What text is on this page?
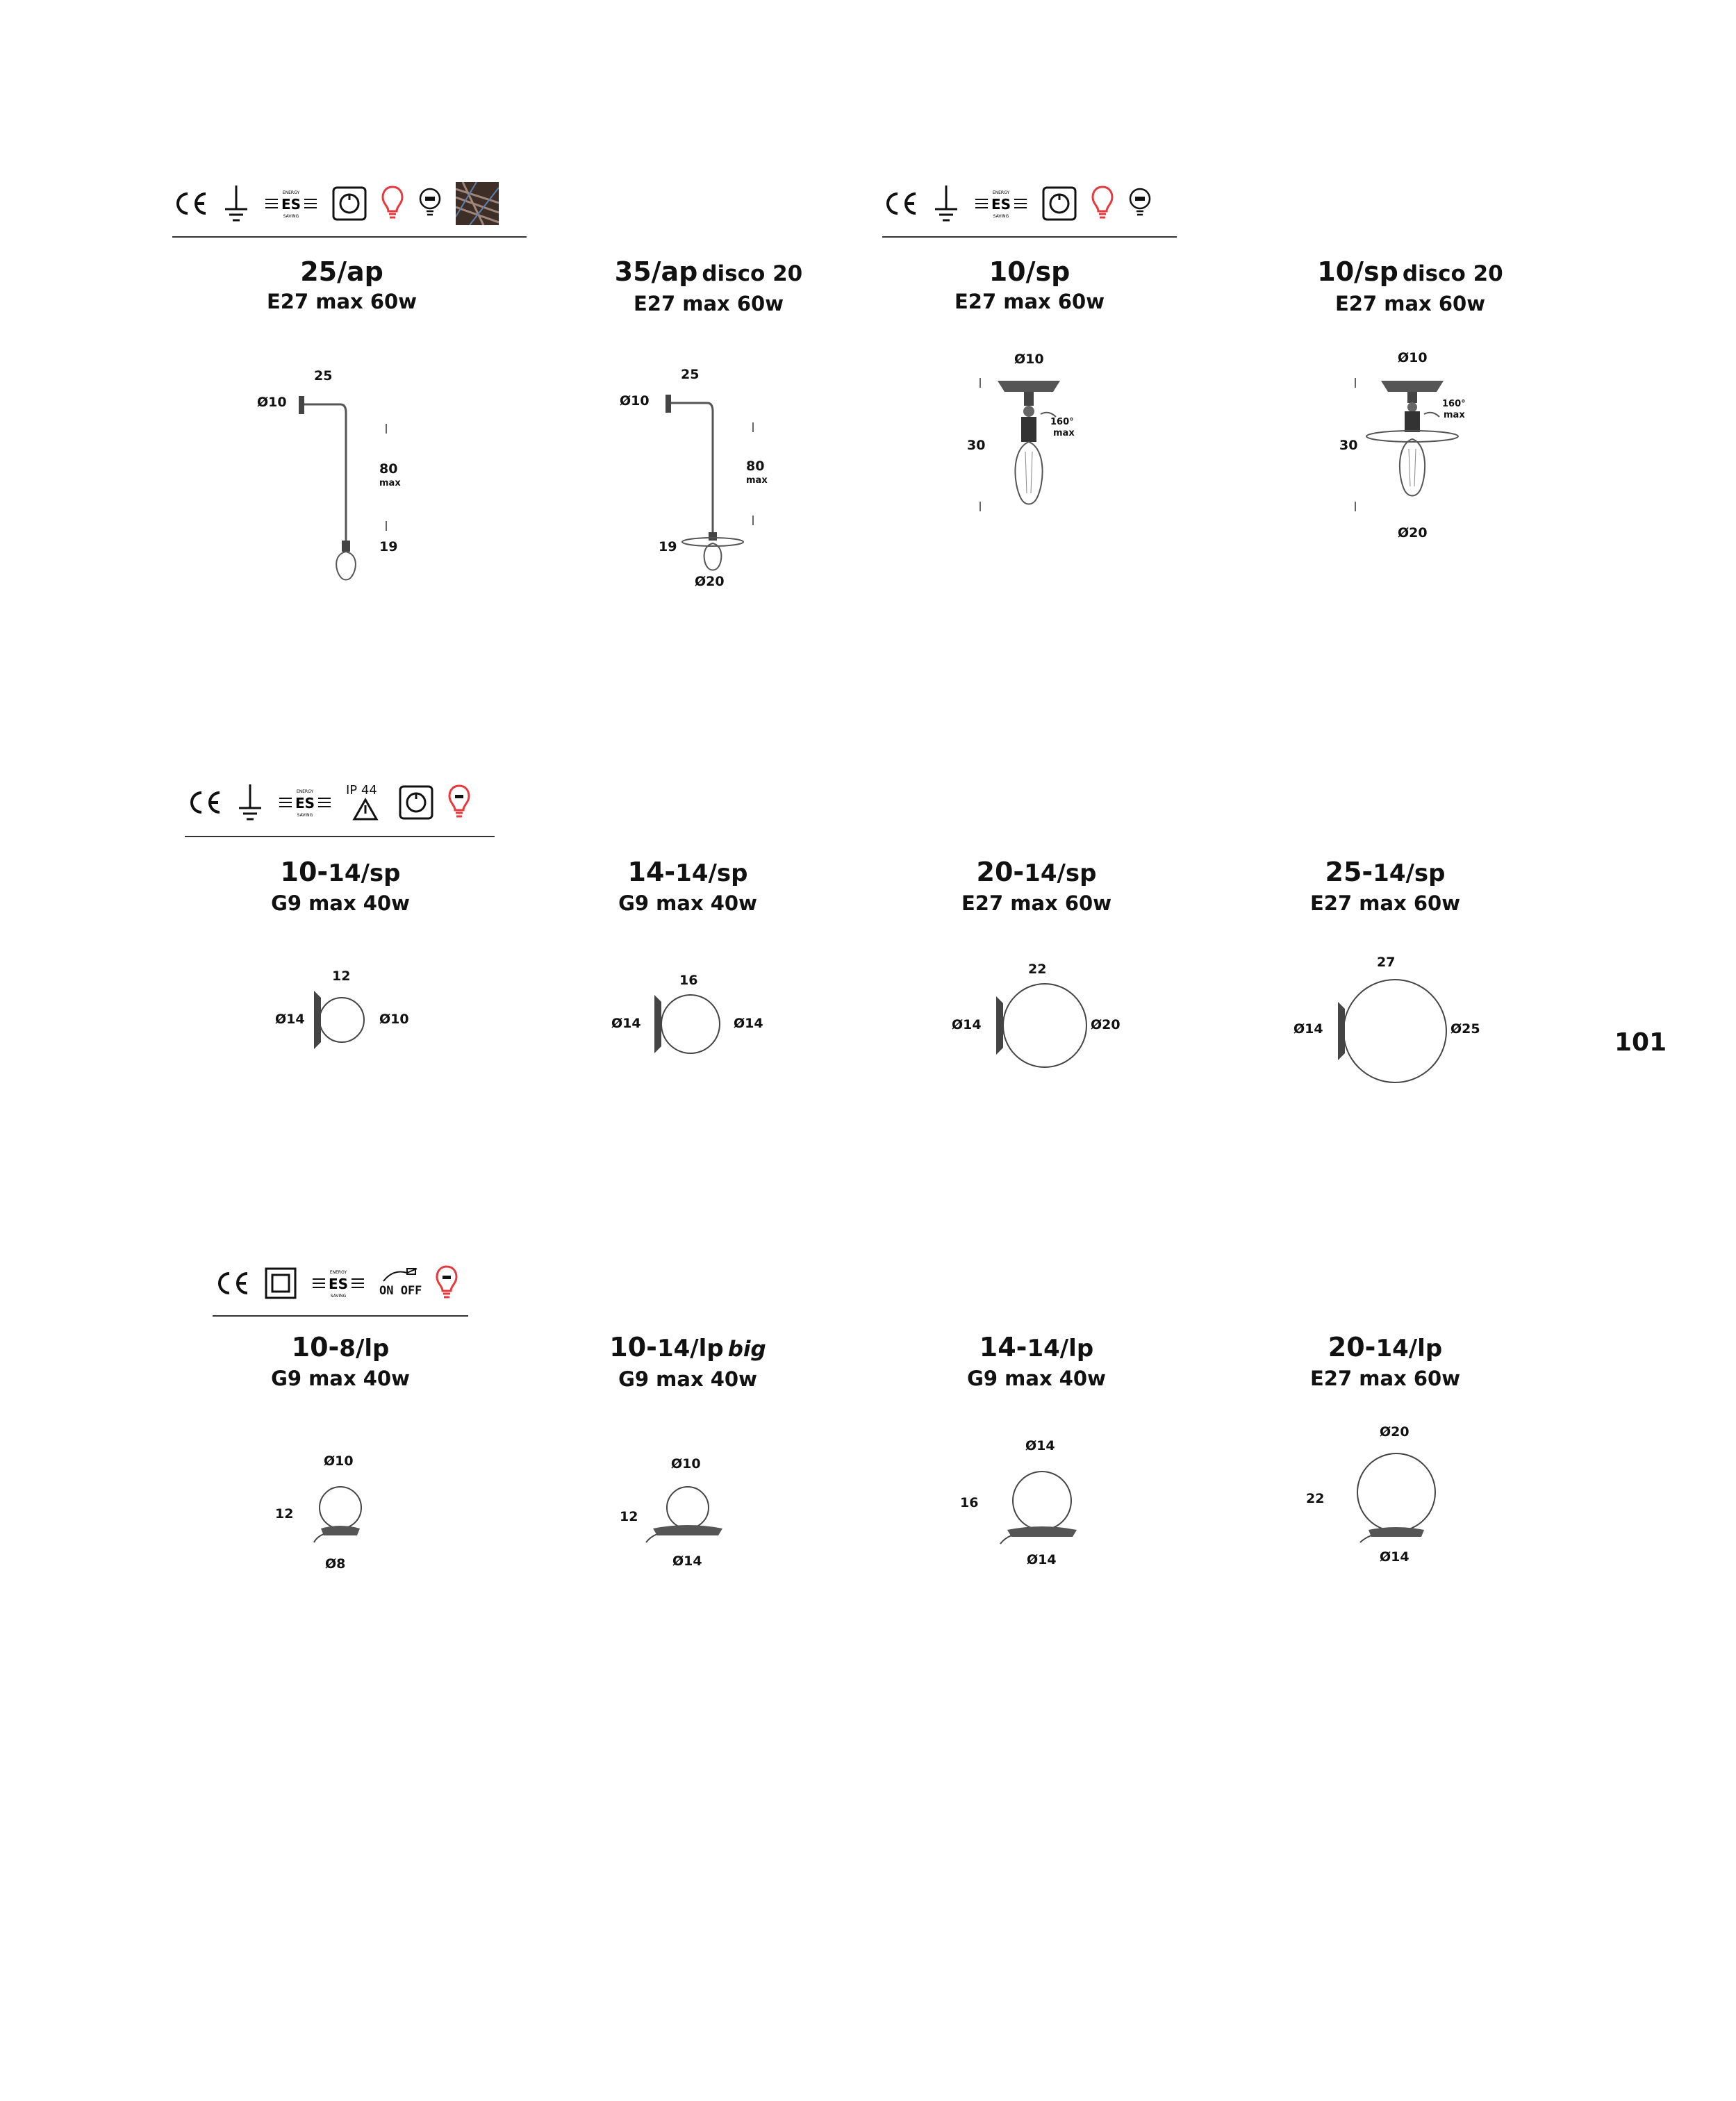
ENERGY
ES
SAVING
ENERGY
ES
SAVING
25/ap
E27 max 60w
35/ap disco 20
E27 max 60w
10/sp
E27 max 60w
10/sp disco 20
E27 max 60w
25
Ø10
80
max
19
25
Ø10
80
max
19
Ø20
Ø10
30
160°
max
Ø10
30
160°
max
Ø20
ENERGY
ES
SAVING
IP 44
10-14/sp
G9 max 40w
14-14/sp
G9 max 40w
20-14/sp
E27 max 60w
25-14/sp
E27 max 60w
12
Ø14	Ø10
16
Ø14	Ø14
22
Ø14	Ø20
27
Ø14	Ø25	101
ENERGY
ES
SAVING	ON OFF
10-8/lp
G9 max 40w
10-14/lp big
G9 max 40w
14-14/lp
G9 max 40w
20-14/lp
E27 max 60w
Ø10
12
Ø8
Ø10
12
Ø14
Ø14
16
Ø14
Ø20
22
Ø14
